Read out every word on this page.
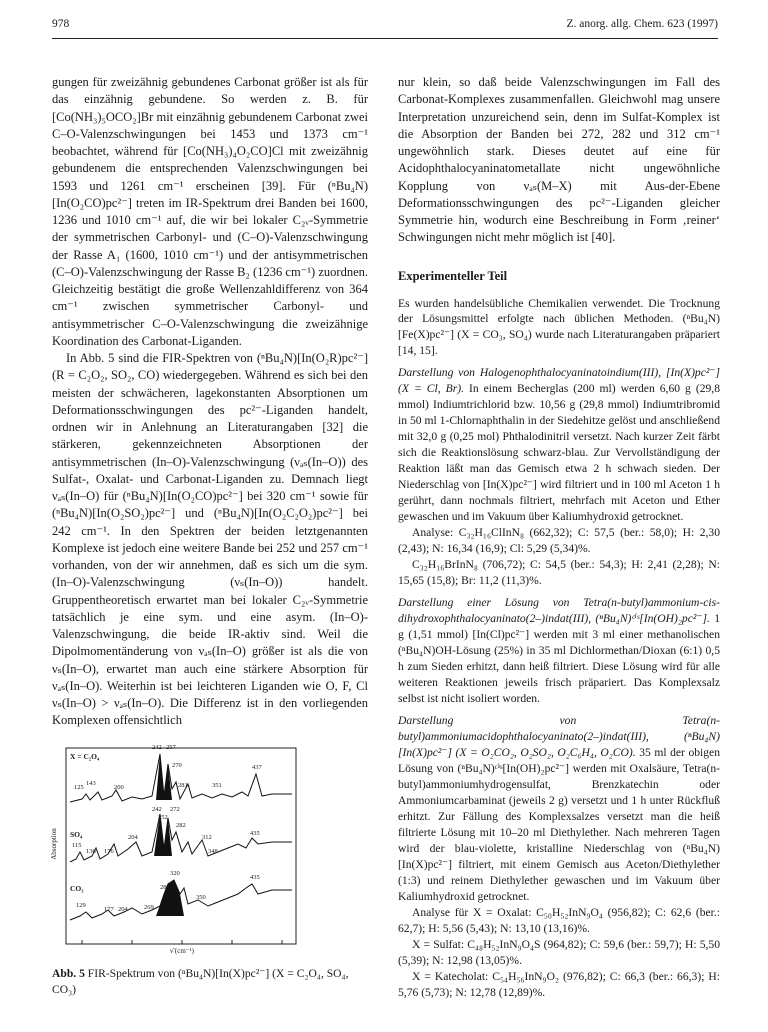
978	Z. anorg. allg. Chem. 623 (1997)

gungen für zweizähnig gebundenes Carbonat größer ist als für das einzähnig gebundene. So werden z. B. für [Co(NH₃)₅OCO₂]Br mit einzähnig gebundenem Carbonat zwei C–O-Valenzschwingungen bei 1453 und 1373 cm⁻¹ beobachtet, während für [Co(NH₃)₄O₂CO]Cl mit zweizähnig gebundenem die entsprechenden Valenzschwingungen bei 1593 und 1261 cm⁻¹ erscheinen [39]. Für (ⁿBu₄N)[In(O₂CO)pc²⁻] treten im IR-Spektrum drei Banden bei 1600, 1236 und 1010 cm⁻¹ auf, die wir bei lokaler C₂ᵥ-Symmetrie der symmetrischen Carbonyl- und (C–O)-Valenzschwingung der Rasse A₁ (1600, 1010 cm⁻¹) und der antisymmetrischen (C–O)-Valenzschwingung der Rasse B₂ (1236 cm⁻¹) zuordnen. Gleichzeitig bestätigt die große Wellenzahldifferenz von 364 cm⁻¹ zwischen symmetrischer Carbonyl- und antisymmetrischer C–O-Valenzschwingung die zweizähnige Koordination des Carbonat-Liganden.

In Abb. 5 sind die FIR-Spektren von (ⁿBu₄N)[In(O₂R)pc²⁻] (R = C₂O₂, SO₂, CO) wiedergegeben. Während es sich bei den meisten der schwächeren, lagekonstanten Absorptionen um Deformationsschwingungen des pc²⁻-Liganden handelt, ordnen wir in Anlehnung an Literaturangaben [32] die stärkeren, gekennzeichneten Absorptionen der antisymmetrischen (In–O)-Valenzschwingung (νₐₛ(In–O)) des Sulfat-, Oxalat- und Carbonat-Liganden zu. Demnach liegt νₐₛ(In–O) für (ⁿBu₄N)[In(O₂CO)pc²⁻] bei 320 cm⁻¹ sowie für (ⁿBu₄N)[In(O₂SO₂)pc²⁻] und (ⁿBu₄N)[In(O₂C₂O₂)pc²⁻] bei 242 cm⁻¹. In den Spektren der beiden letztgenannten Komplexe ist jedoch eine weitere Bande bei 252 und 257 cm⁻¹ vorhanden, von der wir annehmen, daß es sich um die sym. (In–O)-Valenzschwingung (νₛ(In–O)) handelt. Gruppentheoretisch erwartet man bei lokaler C₂ᵥ-Symmetrie tatsächlich je eine sym. und eine asym. (In–O)-Valenzschwingung, die beide IR-aktiv sind. Weil die Dipolmomentänderung von νₐₛ(In–O) größer ist als die von νₛ(In–O), erwartet man auch eine stärkere Absorption für νₐₛ(In–O). Weiterhin ist bei leichteren Liganden wie O, F, Cl νₛ(In–O) > νₐₛ(In–O). Die Differenz ist in den vorliegenden Komplexen offensichtlich

Absorption
ν̃ (cm⁻¹)
X = C₂O₄
SO₄
CO₃
125
143
200
242 257
270
281	351
437
115
136 176
204
242
252
272
282
312
348
435
129
177 204	269
281
320
350
435
Abb. 5 FIR-Spektrum von (ⁿBu₄N)[In(X)pc²⁻] (X = C₂O₄, SO₄, CO₃)

nur klein, so daß beide Valenzschwingungen im Fall des Carbonat-Komplexes zusammenfallen. Gleichwohl mag unsere Interpretation unzureichend sein, denn im Sulfat-Komplex ist die Absorption der Banden bei 272, 282 und 312 cm⁻¹ ungewöhnlich stark. Dieses deutet auf eine für Acidophthalocyaninatometallate nicht ungewöhnliche Kopplung von νₐₛ(M–X) mit Aus-der-Ebene Deformationsschwingungen des pc²⁻-Liganden gleicher Symmetrie hin, wodurch eine Beschreibung in Form ‚reiner‘ Schwingungen nicht mehr möglich ist [40].

Experimenteller Teil

Es wurden handelsübliche Chemikalien verwendet. Die Trocknung der Lösungsmittel erfolgte nach üblichen Methoden. (ⁿBu₄N)[Fe(X)pc²⁻] (X = CO₃, SO₄) wurde nach Literaturangaben präpariert [14, 15].

Darstellung von Halogenophthalocyaninatoindium(III), [In(X)pc²⁻] (X = Cl, Br). In einem Becherglas (200 ml) werden 6,60 g (29,8 mmol) Indiumtrichlorid bzw. 10,56 g (29,8 mmol) Indiumtribromid in 50 ml 1-Chlornaphthalin in der Siedehitze gelöst und anschließend mit 32,0 g (0,25 mol) Phthalodinitril versetzt. Nach kurzer Zeit färbt sich die Reaktionslösung schwarz-blau. Zur Vervollständigung der Reaktion läßt man das Gemisch etwa 2 h schwach sieden. Der Niederschlag von [In(X)pc²⁻] wird filtriert und in 100 ml Aceton 1 h gerührt, dann nochmals filtriert, mehrfach mit Aceton und Ether gewaschen und im Vakuum über Kaliumhydroxid getrocknet.

Analyse: C₃₂H₁₆ClInN₈ (662,32); C: 57,5 (ber.: 58,0); H: 2,30 (2,43); N: 16,34 (16,9); Cl: 5,29 (5,34)%.

C₃₂H₁₆BrInN₈ (706,72); C: 54,5 (ber.: 54,3); H: 2,41 (2,28); N: 15,65 (15,8); Br: 11,2 (11,3)%.

Darstellung einer Lösung von Tetra(n-butyl)ammonium-cis-dihydroxophthalocyaninato(2–)indat(III), (ⁿBu₄N)ᶜⁱˢ[In(OH)₂pc²⁻]. 1 g (1,51 mmol) [In(Cl)pc²⁻] werden mit 3 ml einer methanolischen (ⁿBu₄N)OH-Lösung (25%) in 35 ml Dichlormethan/Dioxan (6:1) 0,5 h zum Sieden erhitzt, dann heiß filtriert. Diese Lösung wird für alle weiteren Reaktionen jeweils frisch präpariert. Das Komplexsalz selbst ist nicht isoliert worden.

Darstellung von Tetra(n-butyl)ammoniumacidophthalocyaninato(2–)indat(III), (ⁿBu₄N)[In(X)pc²⁻] (X = O₂CO₂, O₂SO₂, O₂C₆H₄, O₂CO). 35 ml der obigen Lösung von (ⁿBu₄N)ᶜⁱˢ[In(OH)₂pc²⁻] werden mit Oxalsäure, Tetra(n-butyl)ammoniumhydrogensulfat, Brenzkatechin oder Ammoniumcarbaminat (jeweils 2 g) versetzt und 1 h unter Rückfluß erhitzt. Zur Fällung des Komplexsalzes versetzt man die heiß filtrierte Lösung mit 10–20 ml Diethylether. Nach mehreren Tagen wird der blau-violette, kristalline Niederschlag von (ⁿBu₄N)[In(X)pc²⁻] filtriert, mit einem Gemisch aus Aceton/Diethylether (1:3) und reinem Diethylether gewaschen und im Vakuum über Kaliumhydroxid getrocknet.

Analyse für X = Oxalat: C₅₀H₅₂InN₉O₄ (956,82); C: 62,6 (ber.: 62,7); H: 5,56 (5,43); N: 13,10 (13,16)%.

X = Sulfat: C₄₈H₅₂InN₉O₄S (964,82); C: 59,6 (ber.: 59,7); H: 5,50 (5,39); N: 12,98 (13,05)%.

X = Katecholat: C₅₄H₅₆InN₉O₂ (976,82); C: 66,3 (ber.: 66,3); H: 5,76 (5,73); N: 12,78 (12,89)%.
